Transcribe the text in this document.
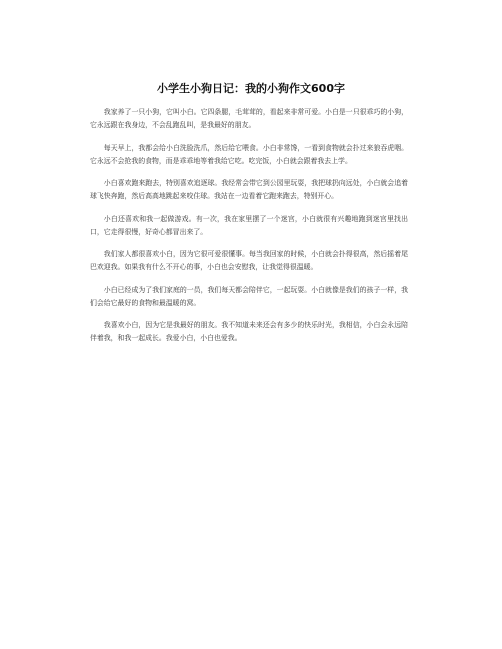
小学生小狗日记：我的小狗作文600字

我家养了一只小狗，它叫小白。它四条腿，毛茸茸的，看起来非常可爱。小白是一只很乖巧的小狗，它永远跟在我身边，不会乱跑乱叫，是我最好的朋友。

每天早上，我都会给小白洗脸洗爪，然后给它喂食。小白非常馋，一看到食物就会扑过来狼吞虎咽。它永远不会抢我的食物，而是乖乖地等着我给它吃。吃完饭，小白就会跟着我去上学。

小白喜欢跑来跑去，特别喜欢追逐球。我经常会带它到公园里玩耍，我把球扔向远处，小白就会追着球飞快奔跑，然后高高地跳起来咬住球。我站在一边看着它跑来跑去，特别开心。

小白还喜欢和我一起做游戏。有一次，我在家里摆了一个迷宫，小白就很有兴趣地跑到迷宫里找出口，它走得很慢，好奇心都冒出来了。

我们家人都很喜欢小白，因为它很可爱很懂事。每当我回家的时候，小白就会扑得很高，然后摇着尾巴欢迎我。如果我有什么不开心的事，小白也会安慰我，让我觉得很温暖。

小白已经成为了我们家庭的一员，我们每天都会陪伴它，一起玩耍。小白就像是我们的孩子一样，我们会给它最好的食物和最温暖的窝。

我喜欢小白，因为它是我最好的朋友。我不知道未来还会有多少的快乐时光，我相信，小白会永远陪伴着我，和我一起成长。我爱小白，小白也爱我。
